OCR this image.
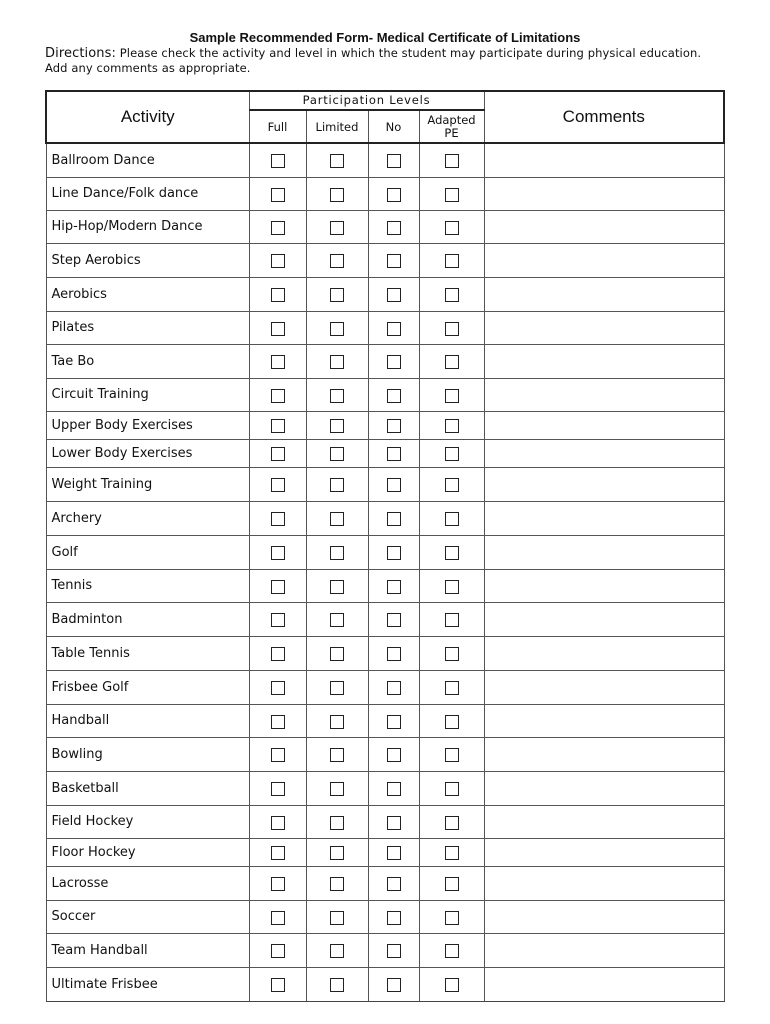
Sample Recommended Form- Medical Certificate of Limitations
Directions: Please check the activity and level in which the student may participate during physical education. Add any comments as appropriate.
Activity	Participation Levels				Comments
	Full	Limited	No	Adapted PE	
Ballroom Dance					
Line Dance/Folk dance					
Hip-Hop/Modern Dance					
Step Aerobics					
Aerobics					
Pilates					
Tae Bo					
Circuit Training					
Upper Body Exercises					
Lower Body Exercises					
Weight Training					
Archery					
Golf					
Tennis					
Badminton					
Table Tennis					
Frisbee Golf					
Handball					
Bowling					
Basketball					
Field Hockey					
Floor Hockey					
Lacrosse					
Soccer					
Team Handball					
Ultimate Frisbee					
